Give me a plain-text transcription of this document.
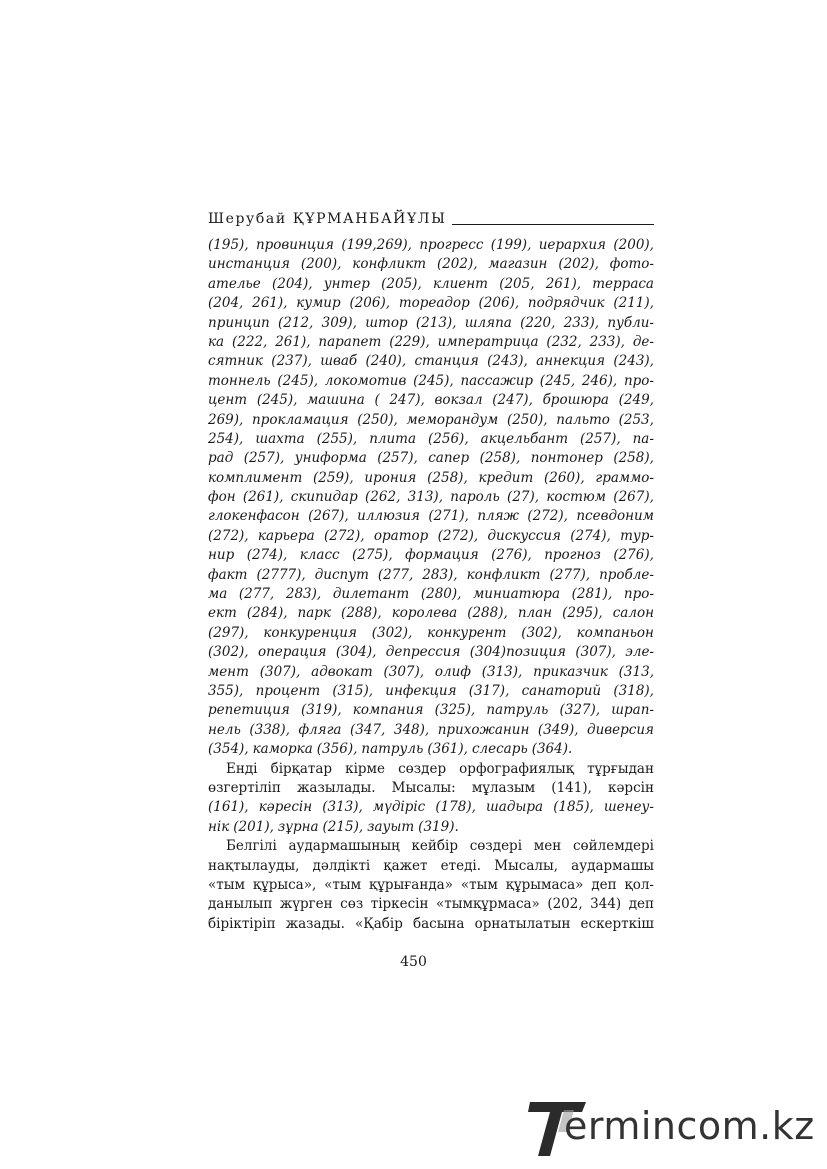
Шерубай ҚҰРМАНБАЙҰЛЫ
(195), провинция (199,269), прогресс (199), иерархия (200),
инстанция (200), конфликт (202), магазин (202), фото-
ателье (204), унтер (205), клиент (205, 261), терраса
(204, 261), кумир (206), тореадор (206), подрядчик (211),
принцип (212, 309), штор (213), шляпа (220, 233), публи-
ка (222, 261), парапет (229), императрица (232, 233), де-
сятник (237), шваб (240), станция (243), аннекция (243),
тоннель (245), локомотив (245), пассажир (245, 246), про-
цент (245), машина ( 247), вокзал (247), брошюра (249,
269), прокламация (250), меморандум (250), пальто (253,
254), шахта (255), плита (256), акцельбант (257), па-
рад (257), униформа (257), сапер (258), понтонер (258),
комплимент (259), ирония (258), кредит (260), граммо-
фон (261), скипидар (262, 313), пароль (27), костюм (267),
глокенфасон (267), иллюзия (271), пляж (272), псевдоним
(272), карьера (272), оратор (272), дискуссия (274), тур-
нир (274), класс (275), формация (276), прогноз (276),
факт (2777), диспут (277, 283), конфликт (277), пробле-
ма (277, 283), дилетант (280), миниатюра (281), про-
ект (284), парк (288), королева (288), план (295), салон
(297), конкуренция (302), конкурент (302), компаньон
(302), операция (304), депрессия (304)позиция (307), эле-
мент (307), адвокат (307), олиф (313), приказчик (313,
355), процент (315), инфекция (317), санаторий (318),
репетиция (319), компания (325), патруль (327), шрап-
нель (338), фляга (347, 348), прихожанин (349), диверсия
(354), каморка (356), патруль (361), слесарь (364).
Енді бірқатар кірме сөздер орфографиялық тұрғыдан
өзгертіліп жазылады. Мысалы: мұлазым (141), кәрсін
(161), кәресін (313), мүдіріс (178), шадыра (185), шенеу-
нік (201), зұрна (215), зауыт (319).
Белгілі аудармашының кейбір сөздері мен сөйлемдері
нақтылауды, дәлдікті қажет етеді. Мысалы, аудармашы
«тым құрыса», «тым құрығанда» «тым құрымаса» деп қол-
данылып жүрген сөз тіркесін «тымқұрмаса» (202, 344) деп
біріктіріп жазады. «Қабір басына орнатылатын ескерткіш
450
ermincom.kz
